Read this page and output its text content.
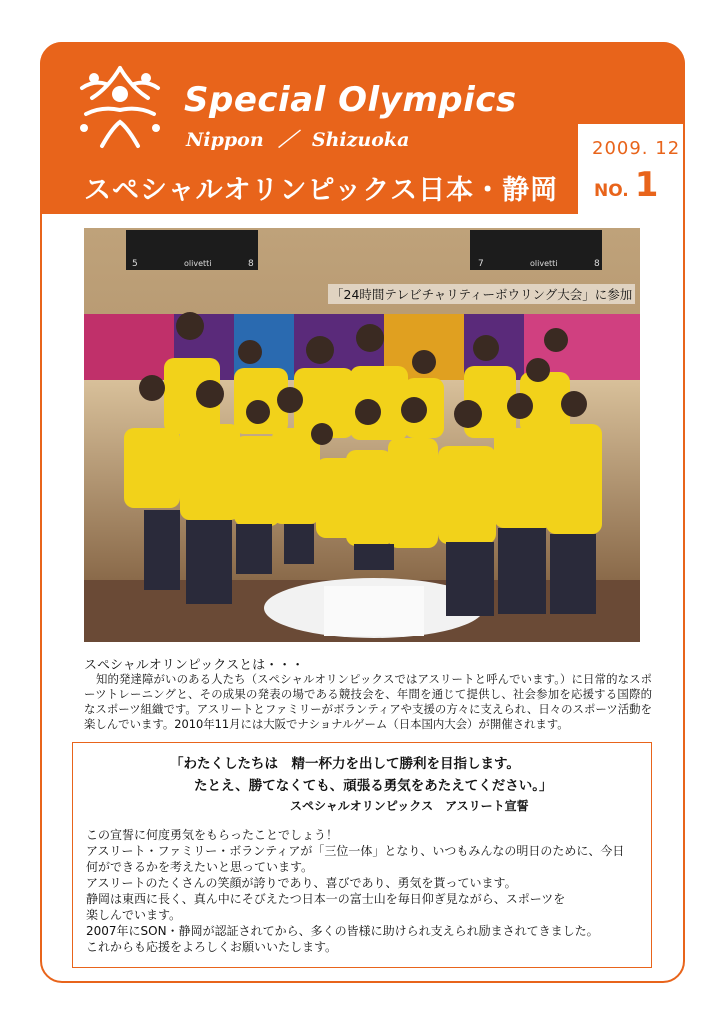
Special Olympics
Nippon ／ Shizuoka
スペシャルオリンピックス日本・静岡
2009. 12
NO. 1
5	olivetti	8	7	olivetti	8
「24時間テレビチャリティーボウリング大会」に参加
スペシャルオリンピックスとは・・・
知的発達障がいのある人たち（スペシャルオリンピックスではアスリートと呼んでいます。）に日常的なスポーツトレーニングと、その成果の発表の場である競技会を、年間を通じて提供し、社会参加を応援する国際的なスポーツ組織です。アスリートとファミリーがボランティアや支援の方々に支えられ、日々のスポーツ活動を楽しんでいます。2010年11月には大阪でナショナルゲーム（日本国内大会）が開催されます。
「わたくしたちは　精一杯力を出して勝利を目指します。
たとえ、勝てなくても、頑張る勇気をあたえてください。」
スペシャルオリンピックス　アスリート宣誓
この宣誓に何度勇気をもらったことでしょう！
アスリート・ファミリー・ボランティアが「三位一体」となり、いつもみんなの明日のために、今日
何ができるかを考えたいと思っています。
アスリートのたくさんの笑顔が誇りであり、喜びであり、勇気を貰っています。
静岡は東西に長く、真ん中にそびえたつ日本一の富士山を毎日仰ぎ見ながら、スポーツを
楽しんでいます。
2007年にSON・静岡が認証されてから、多くの皆様に助けられ支えられ励まされてきました。
これからも応援をよろしくお願いいたします。
